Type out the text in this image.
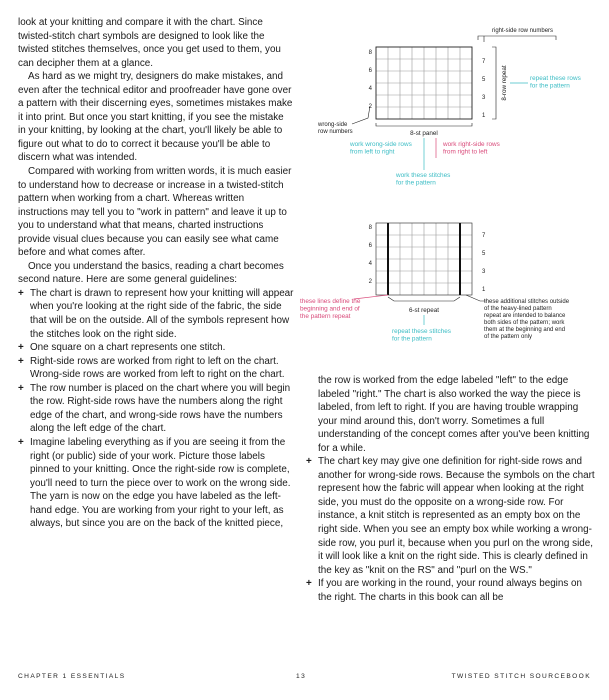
look at your knitting and compare it with the chart. Since twisted-stitch chart symbols are designed to look like the twisted stitches themselves, once you get used to them, you can decipher them at a glance.

As hard as we might try, designers do make mistakes, and even after the technical editor and proofreader have gone over a pattern with their discerning eyes, sometimes mistakes make it into print. But once you start knitting, if you see the mistake in your knitting, by looking at the chart, you'll likely be able to figure out what to do to correct it because you'll be able to discern what was intended.

Compared with working from written words, it is much easier to understand how to decrease or increase in a twisted-stitch pattern when working from a chart. Whereas written instructions may tell you to "work in pattern" and leave it up to you to understand what that means, charted instructions provide visual clues because you can easily see what came before and what comes after.

Once you understand the basics, reading a chart becomes second nature. Here are some general guidelines:

+ The chart is drawn to represent how your knitting will appear when you're looking at the right side of the fabric, the side that will be on the outside. All of the symbols represent how the stitches look on the right side.
+ One square on a chart represents one stitch.
+ Right-side rows are worked from right to left on the chart. Wrong-side rows are worked from left to right on the chart.
+ The row number is placed on the chart where you will begin the row. Right-side rows have the numbers along the right edge of the chart, and wrong-side rows have the numbers along the left edge of the chart.
+ Imagine labeling everything as if you are seeing it from the right (or public) side of your work. Picture those labels pinned to your knitting. Once the right-side row is complete, you'll need to turn the piece over to work on the wrong side. The yarn is now on the edge you have labeled as the left-hand edge. You are working from your right to your left, as always, but since you are on the back of the knitted piece,

the row is worked from the edge labeled "left" to the edge labeled "right." The chart is also worked the way the piece is labeled, from left to right. If you are having trouble wrapping your mind around this, don't worry. Sometimes a full understanding of the concept comes after you've been knitting for a while.

+ The chart key may give one definition for right-side rows and another for wrong-side rows. Because the symbols on the chart represent how the fabric will appear when looking at the right side, you must do the opposite on a wrong-side row. For instance, a knit stitch is represented as an empty box on the right side. When you see an empty box while working a wrong-side row, you purl it, because when you purl on the wrong side, it will look like a knit on the right side. This is clearly defined in the key as "knit on the RS" and "purl on the WS."
+ If you are working in the round, your round always begins on the right. The charts in this book can all be
8
6
4
2
7
5
3
1
right-side row numbers
8-row repeat	repeat these rows for the pattern
wrong-side row numbers	8-st panel
work wrong-side rows from left to right
work right-side rows from right to left
work these stitches for the pattern
8
6
4
2
7
5
3
1
6-st repeat
these lines define the beginning and end of the pattern repeat
repeat these stitches for the pattern
these additional stitches outside of the heavy-lined pattern repeat are intended to balance both sides of the pattern; work them at the beginning and end of the pattern only
CHAPTER 1 ESSENTIALS	13	TWISTED STITCH SOURCEBOOK
